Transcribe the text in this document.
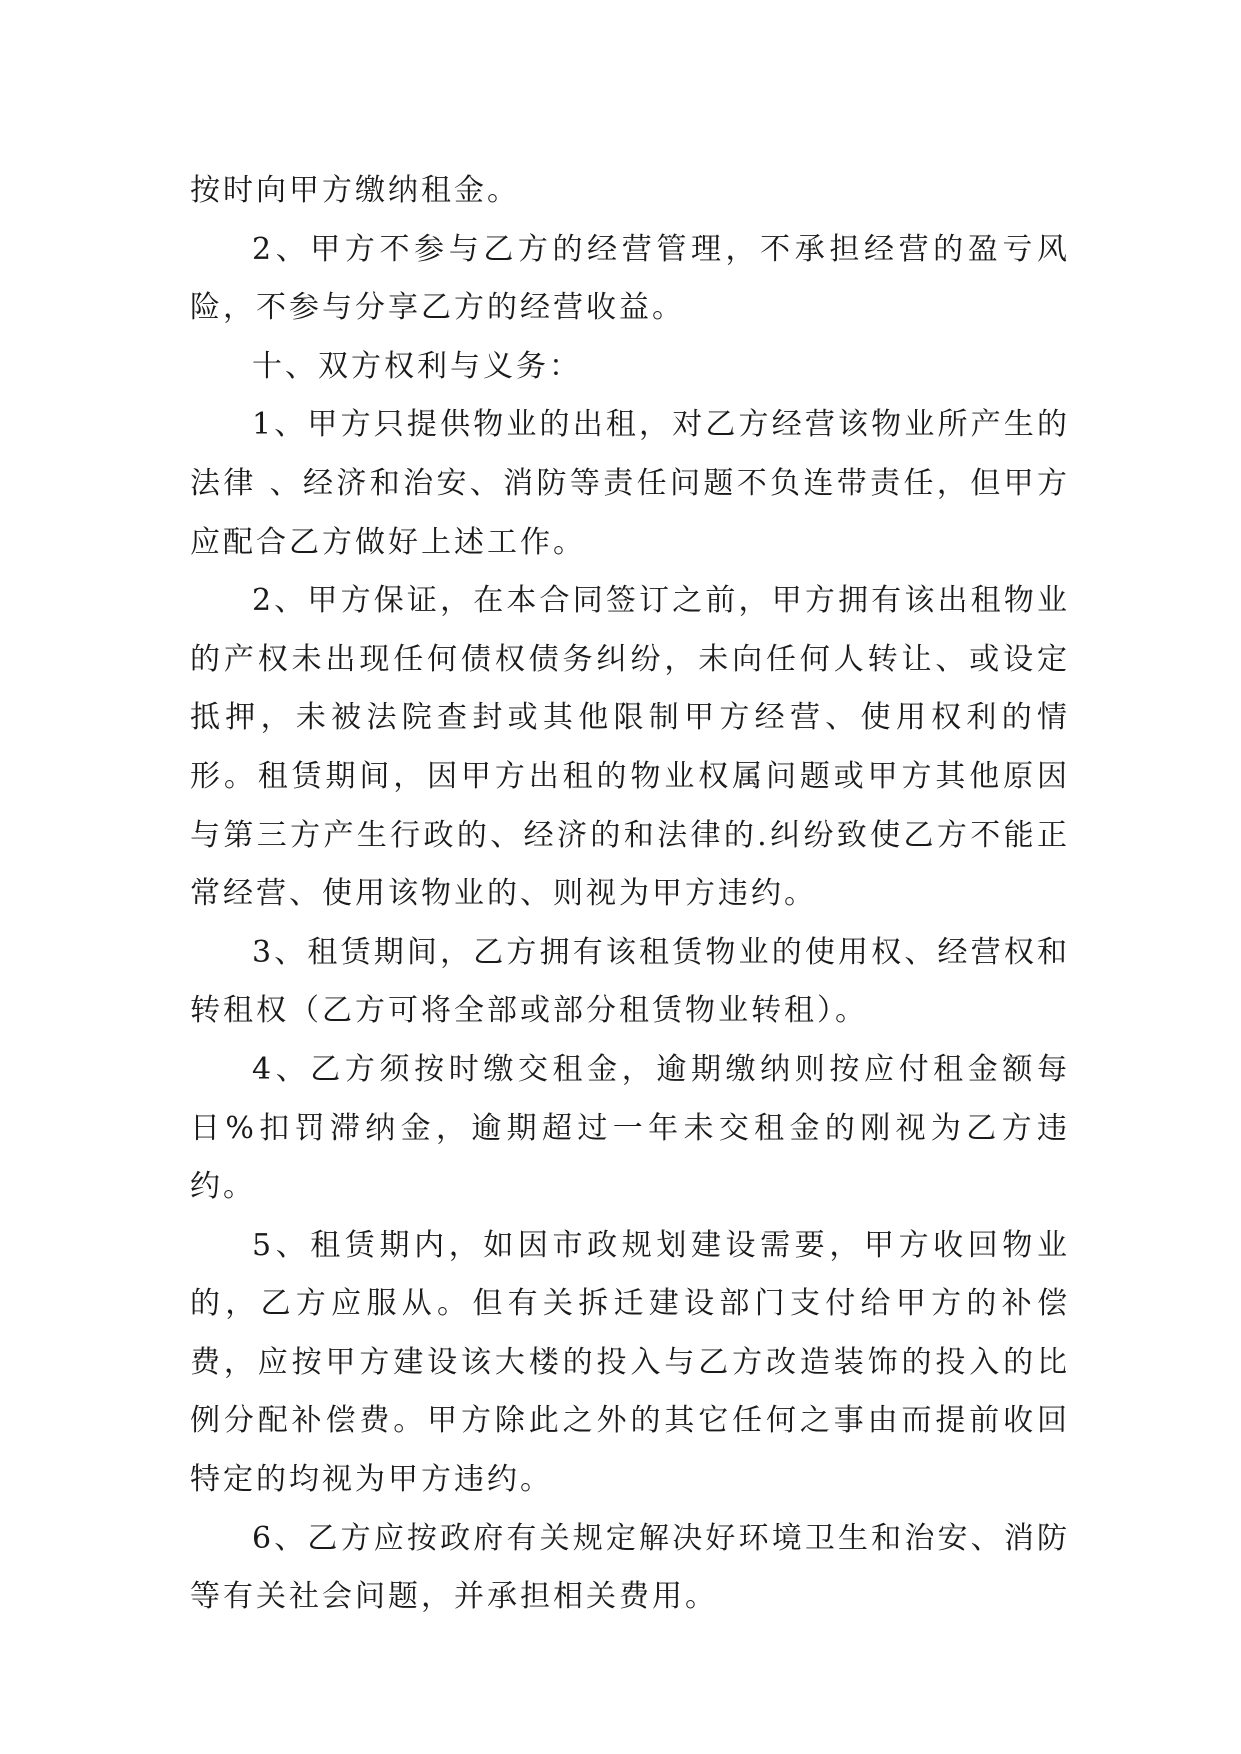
按时向甲方缴纳租金。

2、甲方不参与乙方的经营管理，不承担经营的盈亏风险，不参与分享乙方的经营收益。

十、双方权利与义务：

1、甲方只提供物业的出租，对乙方经营该物业所产生的法律 、经济和治安、消防等责任问题不负连带责任，但甲方应配合乙方做好上述工作。

2、甲方保证，在本合同签订之前，甲方拥有该出租物业的产权未出现任何债权债务纠纷，未向任何人转让、或设定抵押，未被法院查封或其他限制甲方经营、使用权利的情形。租赁期间，因甲方出租的物业权属问题或甲方其他原因与第三方产生行政的、经济的和法律的.纠纷致使乙方不能正常经营、使用该物业的、则视为甲方违约。

3、租赁期间，乙方拥有该租赁物业的使用权、经营权和转租权（乙方可将全部或部分租赁物业转租）。

4、乙方须按时缴交租金，逾期缴纳则按应付租金额每日%扣罚滞纳金，逾期超过一年未交租金的刚视为乙方违约。

5、租赁期内，如因市政规划建设需要，甲方收回物业的，乙方应服从。但有关拆迁建设部门支付给甲方的补偿费，应按甲方建设该大楼的投入与乙方改造装饰的投入的比例分配补偿费。甲方除此之外的其它任何之事由而提前收回特定的均视为甲方违约。

6、乙方应按政府有关规定解决好环境卫生和治安、消防等有关社会问题，并承担相关费用。
